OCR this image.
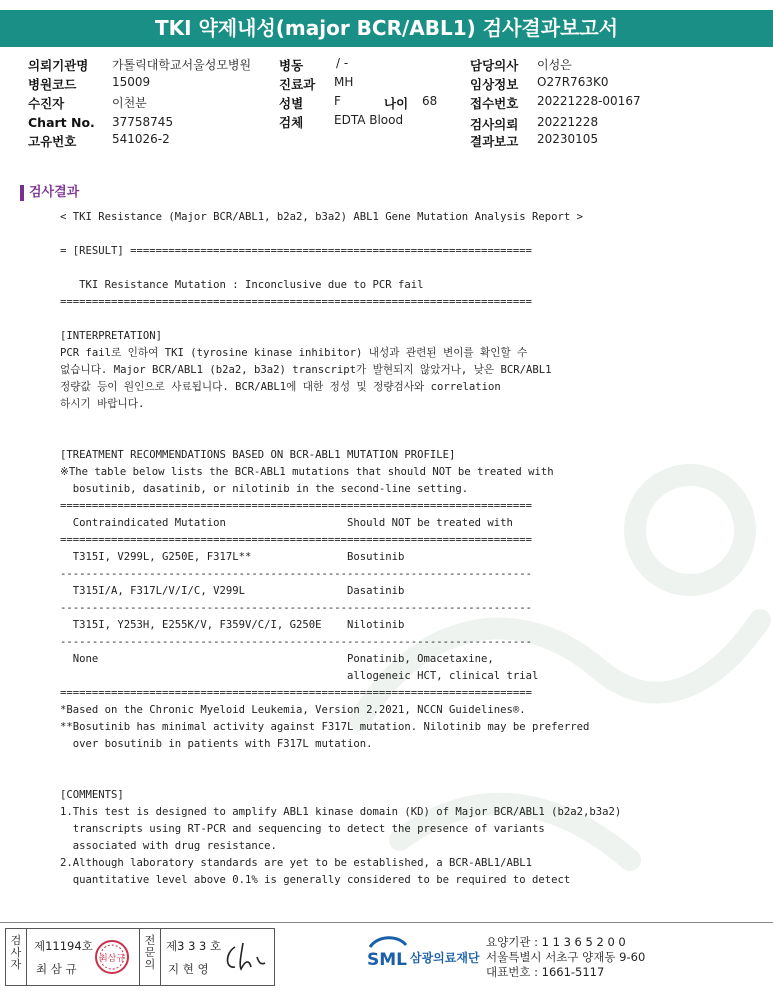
TKI 약제내성(major BCR/ABL1) 검사결과보고서
의뢰기관명 가톨릭대학교서울성모병원
병원코드	15009
수진자	이천분
Chart No. 37758745
고유번호	541026-2
병동	/ -
진료과 MH
성별	F
검체	EDTA Blood
나이 68
담당의사 이성은
임상정보 O27R763K0
접수번호 20221228-00167
검사의뢰 20221228
결과보고 20230105
검사결과
< TKI Resistance (Major BCR/ABL1, b2a2, b3a2) ABL1 Gene Mutation Analysis Report >

= [RESULT] ===============================================================

TKI Resistance Mutation : Inconclusive due to PCR fail
==========================================================================

[INTERPRETATION]
PCR fail로 인하여 TKI (tyrosine kinase inhibitor) 내성과 관련된 변이를 확인할 수
없습니다. Major BCR/ABL1 (b2a2, b3a2) transcript가 발현되지 않았거나, 낮은 BCR/ABL1
정량값 등이 원인으로 사료됩니다. BCR/ABL1에 대한 정성 및 정량검사와 correlation
하시기 바랍니다.

[TREATMENT RECOMMENDATIONS BASED ON BCR-ABL1 MUTATION PROFILE]
※The table below lists the BCR-ABL1 mutations that should NOT be treated with
bosutinib, dasatinib, or nilotinib in the second-line setting.
==========================================================================
Contraindicated Mutation                   Should NOT be treated with
==========================================================================
T315I, V299L, G250E, F317L**               Bosutinib
--------------------------------------------------------------------------
T315I/A, F317L/V/I/C, V299L                Dasatinib
--------------------------------------------------------------------------
T315I, Y253H, E255K/V, F359V/C/I, G250E    Nilotinib
--------------------------------------------------------------------------
None                                       Ponatinib, Omacetaxine,
allogeneic HCT, clinical trial
==========================================================================
*Based on the Chronic Myeloid Leukemia, Version 2.2021, NCCN Guidelines®.
**Bosutinib has minimal activity against F317L mutation. Nilotinib may be preferred
over bosutinib in patients with F317L mutation.

[COMMENTS]
1.This test is designed to amplify ABL1 kinase domain (KD) of Major BCR/ABL1 (b2a2,b3a2)
transcripts using RT-PCR and sequencing to detect the presence of variants
associated with drug resistance.
2.Although laboratory standards are yet to be established, a BCR-ABL1/ABL1
quantitative level above 0.1% is generally considered to be required to detect
검
사
자
제11194호
최 삼 규
최삼규
전
문
의
제3 3 3 호
지 현 영	SML 삼광의료재단
요양기관 : 1 1 3 6 5 2 0 0
서울특별시 서초구 양재동 9-60
대표번호 : 1661-5117
